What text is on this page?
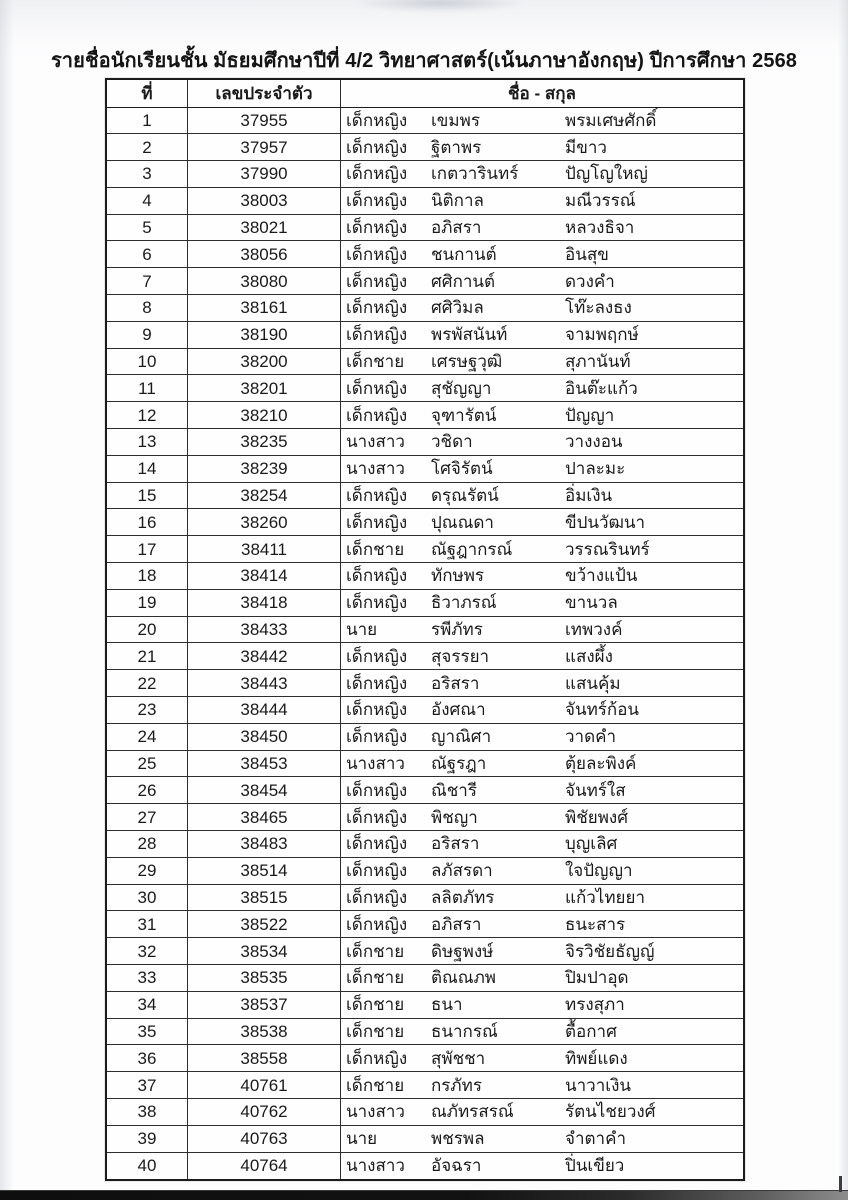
รายชื่อนักเรียนชั้น มัธยมศึกษาปีที่ 4/2 วิทยาศาสตร์(เน้นภาษาอังกฤษ) ปีการศึกษา 2568
ที่	เลขประจำตัว	ชื่อ - สกุล
1	37955	เด็กหญิง	เขมพร	พรมเศษศักดิ์
2	37957	เด็กหญิง	ฐิตาพร	มีขาว
3	37990	เด็กหญิง	เกตวารินทร์	ปัญโญใหญ่
4	38003	เด็กหญิง	นิติกาล	มณีวรรณ์
5	38021	เด็กหญิง	อภิสรา	หลวงธิจา
6	38056	เด็กหญิง	ชนกานต์	อินสุข
7	38080	เด็กหญิง	ศศิกานต์	ดวงคำ
8	38161	เด็กหญิง	ศศิวิมล	โท๊ะลงธง
9	38190	เด็กหญิง	พรพัสนันท์	จามพฤกษ์
10	38200	เด็กชาย	เศรษฐวุฒิ	สุภานันท์
11	38201	เด็กหญิง	สุชัญญา	อินต๊ะแก้ว
12	38210	เด็กหญิง	จุฑารัตน์	ปัญญา
13	38235	นางสาว	วชิดา	วางงอน
14	38239	นางสาว	โศจิรัตน์	ปาละมะ
15	38254	เด็กหญิง	ดรุณรัตน์	อิ่มเงิน
16	38260	เด็กหญิง	ปุณณดา	ขีปนวัฒนา
17	38411	เด็กชาย	ณัฐฎากรณ์	วรรณรินทร์
18	38414	เด็กหญิง	ทักษพร	ขว้างแป้น
19	38418	เด็กหญิง	ธิวาภรณ์	ขานวล
20	38433	นาย	รพีภัทร	เทพวงค์
21	38442	เด็กหญิง	สุจรรยา	แสงผึ้ง
22	38443	เด็กหญิง	อริสรา	แสนคุ้ม
23	38444	เด็กหญิง	อังศณา	จันทร์ก้อน
24	38450	เด็กหญิง	ญาณิศา	วาดคำ
25	38453	นางสาว	ณัฐรฎา	ตุ้ยละพิงค์
26	38454	เด็กหญิง	ณิชารี	จันทร์ใส
27	38465	เด็กหญิง	พิชญา	พิชัยพงศ์
28	38483	เด็กหญิง	อริสรา	บุญเลิศ
29	38514	เด็กหญิง	ลภัสรดา	ใจปัญญา
30	38515	เด็กหญิง	ลลิตภัทร	แก้วไทยยา
31	38522	เด็กหญิง	อภิสรา	ธนะสาร
32	38534	เด็กชาย	ดิษฐพงษ์	จิรวิชัยธัญญ์
33	38535	เด็กชาย	ติณณภพ	ปิมปาอุด
34	38537	เด็กชาย	ธนา	ทรงสุภา
35	38538	เด็กชาย	ธนากรณ์	ตื้อกาศ
36	38558	เด็กหญิง	สุพัชชา	ทิพย์แดง
37	40761	เด็กชาย	กรภัทร	นาวาเงิน
38	40762	นางสาว	ณภัทรสรณ์	รัตนไชยวงศ์
39	40763	นาย	พชรพล	จำตาคำ
40	40764	นางสาว	อัจฉรา	ปิ่นเขียว
